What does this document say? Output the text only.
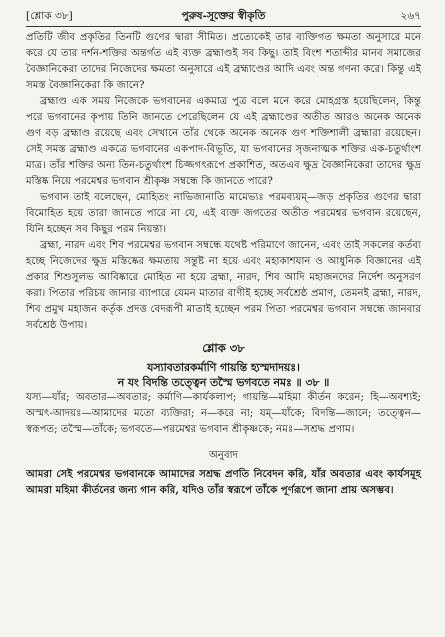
[শ্লোক ৩৮]	পুরুষ-সূক্তের স্বীকৃতি	২৬৭

প্রতিটি জীব প্রকৃতির তিনটি গুণের দ্বারা সীমিত। প্রত্যেকেই তার ব্যক্তিগত ক্ষমতা অনুসারে মনে করে যে তার দর্শন-শক্তির অন্তর্গত এই ব্যক্ত ব্রহ্মাণ্ডই সব কিছু। তাই বিংশ শতাব্দীর মানব সমাজের বৈজ্ঞানিকেরা তাদের নিজেদের ক্ষমতা অনুসারে এই ব্রহ্মাণ্ডের আদি এবং অন্ত গণনা করে। কিন্তু এই সমস্ত বৈজ্ঞানিকেরা কি জানে?

ব্রহ্মাণ্ড এক সময় নিজেকে ভগবানের একমাত্র পুত্র বলে মনে করে মোহগ্রস্ত হয়েছিলেন, কিন্তু পরে ভগবানের কৃপায় তিনি জানতে পেরেছিলেন যে এই ব্রহ্মাণ্ডের অতীত আরও অনেক অনেক গুণ বড় ব্রহ্মাণ্ড রয়েছে এবং সেখানে তাঁর থেকে অনেক অনেক গুণ শক্তিশালী ব্রহ্মারা রয়েছেন। সেই সমস্ত ব্রহ্মাণ্ড একত্রে ভগবানের একপাদ-বিভূতি, যা ভগবানের সৃজনাত্মক শক্তির এক-চতুর্থাংশ মাত্র। তাঁর শক্তির অন্য তিন-চতুর্থাংশ চিজ্জগৎরূপে প্রকাশিত, অতএব ক্ষুদ্র বৈজ্ঞানিকেরা তাদের ক্ষুদ্র মস্তিষ্ক নিয়ে পরমেশ্বর ভগবান শ্রীকৃষ্ণ সম্বন্ধে কি জানতে পারে?

ভগবান তাই বলেছেন, মোহিতং নাভিজানাতি মামেভ্যঃ পরমব্যয়ম্—জড় প্রকৃতির গুণের দ্বারা বিমোহিত হয়ে তারা জানতে পারে না যে, এই ব্যক্ত জগতের অতীত পরমেশ্বর ভগবান রয়েছেন, যিনি হচ্ছেন সব কিছুর পরম নিয়ন্তা।

ব্রহ্মা, নারদ এবং শিব পরমেশ্বর ভগবান সম্বন্ধে যথেষ্ট পরিমাণে জানেন, এবং তাই সকলের কর্তব্য হচ্ছে নিজেদের ক্ষুদ্র মস্তিষ্কের ক্ষমতায় সন্তুষ্ট না হয়ে এবং মহাকাশযান ও আধুনিক বিজ্ঞানের এই প্রকার শিশুসুলভ আবিষ্কারে মোহিত না হয়ে ব্রহ্মা, নারদ, শিব আদি মহাজনদের নির্দেশ অনুসরণ করা। পিতার পরিচয় জানার ব্যাপারে যেমন মাতার বাণীই হচ্ছে সর্বশ্রেষ্ঠ প্রমাণ, তেমনই ব্রহ্মা, নারদ, শিব প্রমুখ মহাজন কর্তৃক প্রদত্ত বেদরূপী মাতাই হচ্ছেন পরম পিতা পরমেশ্বর ভগবান সম্বন্ধে জানবার সর্বশ্রেষ্ঠ উপায়।

শ্লোক ৩৮
যস্যাবতারকর্মাণি গায়ন্তি হ্যস্মদাদয়ঃ।
ন যং বিদন্তি তত্ত্বেন তস্মৈ ভগবতে নমঃ ॥ ৩৮ ॥

যস্য—যাঁর; অবতার—অবতার; কর্মাণি—কার্যকলাপ; গায়ন্তি—মহিমা কীর্তন করেন; হি—অবশ্যই; অস্মৎ-আদয়ঃ—আমাদের মতো ব্যক্তিরা; ন—করে না; যম্—যাঁকে; বিদন্তি—জানে; তত্ত্বেন—স্বরূপত; তস্মৈ—তাঁকে; ভগবতে—পরমেশ্বর ভগবান শ্রীকৃষ্ণকে; নমঃ—সশ্রদ্ধ প্রণাম।

অনুবাদ

আমরা সেই পরমেশ্বর ভগবানকে আমাদের সশ্রদ্ধ প্রণতি নিবেদন করি, যাঁর অবতার এবং কার্যসমূহ আমরা মহিমা কীর্তনের জন্য গান করি, যদিও তাঁর স্বরূপে তাঁকে পূর্ণরূপে জানা প্রায় অসম্ভব।
